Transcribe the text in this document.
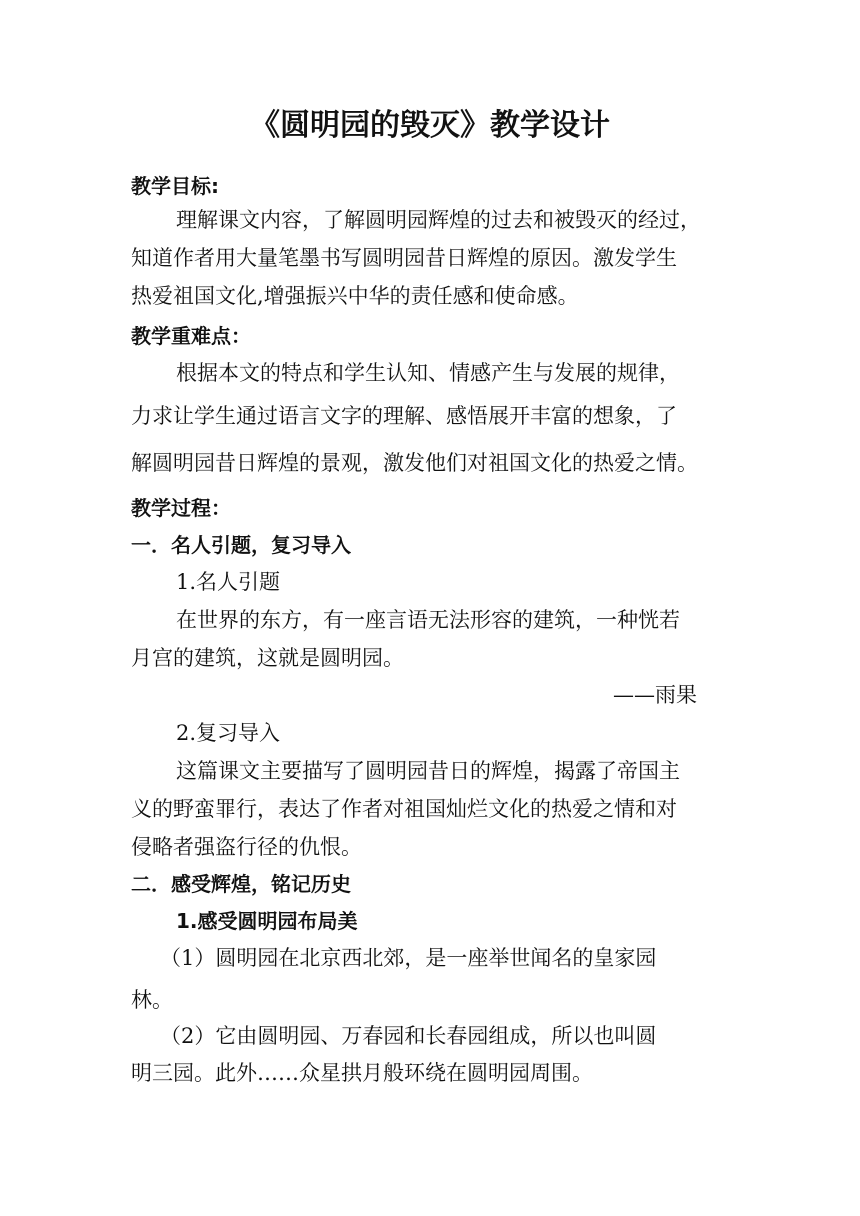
《圆明园的毁灭》教学设计
教学目标:
理解课文内容，了解圆明园辉煌的过去和被毁灭的经过，
知道作者用大量笔墨书写圆明园昔日辉煌的原因。激发学生
热爱祖国文化,增强振兴中华的责任感和使命感。
教学重难点：
根据本文的特点和学生认知、情感产生与发展的规律，
力求让学生通过语言文字的理解、感悟展开丰富的想象，了
解圆明园昔日辉煌的景观，激发他们对祖国文化的热爱之情。
教学过程：
一．名人引题，复习导入
1.名人引题
在世界的东方，有一座言语无法形容的建筑，一种恍若
月宫的建筑，这就是圆明园。
——雨果
2.复习导入
这篇课文主要描写了圆明园昔日的辉煌，揭露了帝国主
义的野蛮罪行，表达了作者对祖国灿烂文化的热爱之情和对
侵略者强盗行径的仇恨。
二．感受辉煌，铭记历史
1.感受圆明园布局美
（1）圆明园在北京西北郊，是一座举世闻名的皇家园
林。
（2）它由圆明园、万春园和长春园组成，所以也叫圆
明三园。此外……众星拱月般环绕在圆明园周围。
